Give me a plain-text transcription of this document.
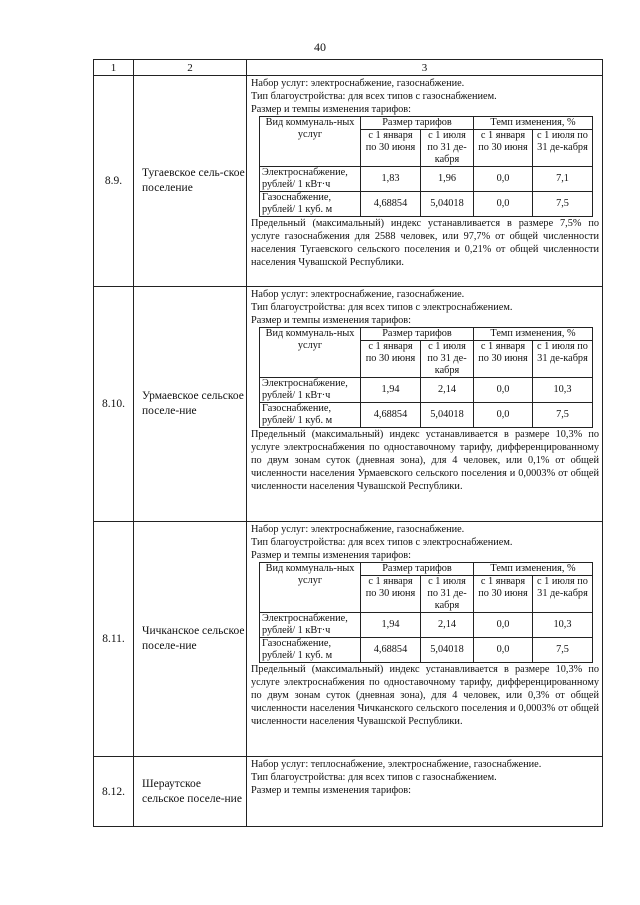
40
1	2	3
8.9.	Тугаевское сель-ское поселение	

Набор услуг: электроснабжение, газоснабжение.

Тип благоустройства: для всех типов с газоснабжением.

Размер и темпы изменения тарифов:

Вид коммуналь-ных услуг	Размер тарифов	Темп изменения, %
с 1 января по 30 июня	с 1 июля по 31 де-кабря	с 1 января по 30 июня	с 1 июля по 31 де-кабря
Электроснабжение, рублей/ 1 кВт·ч	1,83	1,96	0,0	7,1
Газоснабжение, рублей/ 1 куб. м	4,68854	5,04018	0,0	7,5

Предельный (максимальный) индекс устанавливается в размере 7,5% по услуге газоснабжения для 2588 человек, или 97,7% от общей численности населения Тугаевского сельского поселения и 0,21% от общей численности населения Чувашской Республики.

8.10.	Урмаевское сельское поселе-ние	

Набор услуг: электроснабжение, газоснабжение.

Тип благоустройства: для всех типов с электроснабжением.

Размер и темпы изменения тарифов:

Вид коммуналь-ных услуг	Размер тарифов	Темп изменения, %
с 1 января по 30 июня	с 1 июля по 31 де-кабря	с 1 января по 30 июня	с 1 июля по 31 де-кабря
Электроснабжение, рублей/ 1 кВт·ч	1,94	2,14	0,0	10,3
Газоснабжение, рублей/ 1 куб. м	4,68854	5,04018	0,0	7,5

Предельный (максимальный) индекс устанавливается в размере 10,3% по услуге электроснабжения по одноставочному тарифу, дифференцированному по двум зонам суток (дневная зона), для 4 человек, или 0,1% от общей численности населения Урмаевского сельского поселения и 0,0003% от общей численности населения Чувашской Республики.

8.11.	Чичканское сельское поселе-ние	

Набор услуг: электроснабжение, газоснабжение.

Тип благоустройства: для всех типов с электроснабжением.

Размер и темпы изменения тарифов:

Вид коммуналь-ных услуг	Размер тарифов	Темп изменения, %
с 1 января по 30 июня	с 1 июля по 31 де-кабря	с 1 января по 30 июня	с 1 июля по 31 де-кабря
Электроснабжение, рублей/ 1 кВт·ч	1,94	2,14	0,0	10,3
Газоснабжение, рублей/ 1 куб. м	4,68854	5,04018	0,0	7,5

Предельный (максимальный) индекс устанавливается в размере 10,3% по услуге электроснабжения по одноставочному тарифу, дифференцированному по двум зонам суток (дневная зона), для 4 человек, или 0,3% от общей численности населения Чичканского сельского поселения и 0,0003% от общей численности населения Чувашской Республики.

8.12.	Шераутское сельское поселе-ние	

Набор услуг: теплоснабжение, электроснабжение, газоснабжение.

Тип благоустройства: для всех типов с газоснабжением.

Размер и темпы изменения тарифов:
